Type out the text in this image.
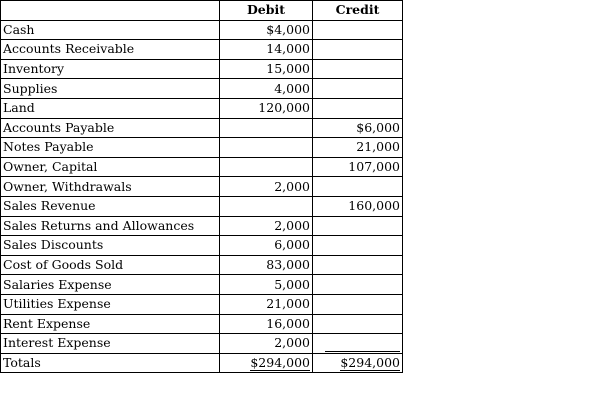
	Debit	Credit
Cash	$4,000	
Accounts Receivable	14,000	
Inventory	15,000	
Supplies	4,000	
Land	120,000	
Accounts Payable		$6,000
Notes Payable		21,000
Owner, Capital		107,000
Owner, Withdrawals	2,000	
Sales Revenue		160,000
Sales Returns and Allowances	2,000	
Sales Discounts	6,000	
Cost of Goods Sold	83,000	
Salaries Expense	5,000	
Utilities Expense	21,000	
Rent Expense	16,000	
Interest Expense	2,000	

Totals	$294,000	$294,000
